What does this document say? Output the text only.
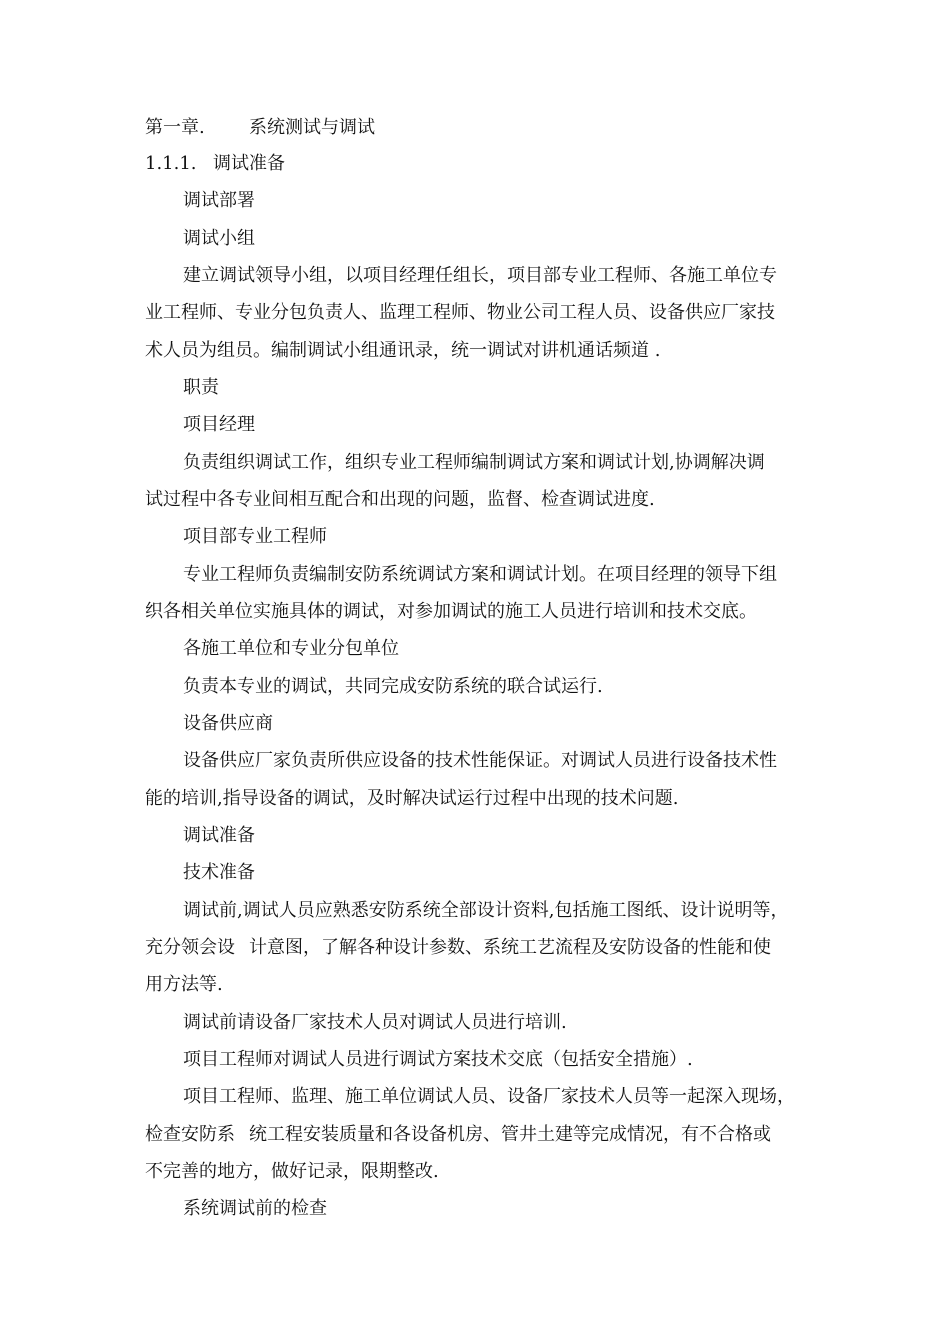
第一章. 系统测试与调试
1.1.1. 调试准备
调试部署
调试小组
建立调试领导小组，以项目经理任组长，项目部专业工程师、各施工单位专
业工程师、专业分包负责人、监理工程师、物业公司工程人员、设备供应厂家技
术人员为组员。编制调试小组通讯录，统一调试对讲机通话频道 .
职责
项目经理
负责组织调试工作，组织专业工程师编制调试方案和调试计划,协调解决调
试过程中各专业间相互配合和出现的问题，监督、检查调试进度.
项目部专业工程师
专业工程师负责编制安防系统调试方案和调试计划。在项目经理的领导下组
织各相关单位实施具体的调试，对参加调试的施工人员进行培训和技术交底。
各施工单位和专业分包单位
负责本专业的调试，共同完成安防系统的联合试运行.
设备供应商
设备供应厂家负责所供应设备的技术性能保证。对调试人员进行设备技术性
能的培训,指导设备的调试，及时解决试运行过程中出现的技术问题.
调试准备
技术准备
调试前,调试人员应熟悉安防系统全部设计资料,包括施工图纸、设计说明等，
充分领会设 计意图，了解各种设计参数、系统工艺流程及安防设备的性能和使
用方法等.
调试前请设备厂家技术人员对调试人员进行培训.
项目工程师对调试人员进行调试方案技术交底（包括安全措施）.
项目工程师、监理、施工单位调试人员、设备厂家技术人员等一起深入现场，
检查安防系 统工程安装质量和各设备机房、管井土建等完成情况，有不合格或
不完善的地方，做好记录，限期整改.
系统调试前的检查
